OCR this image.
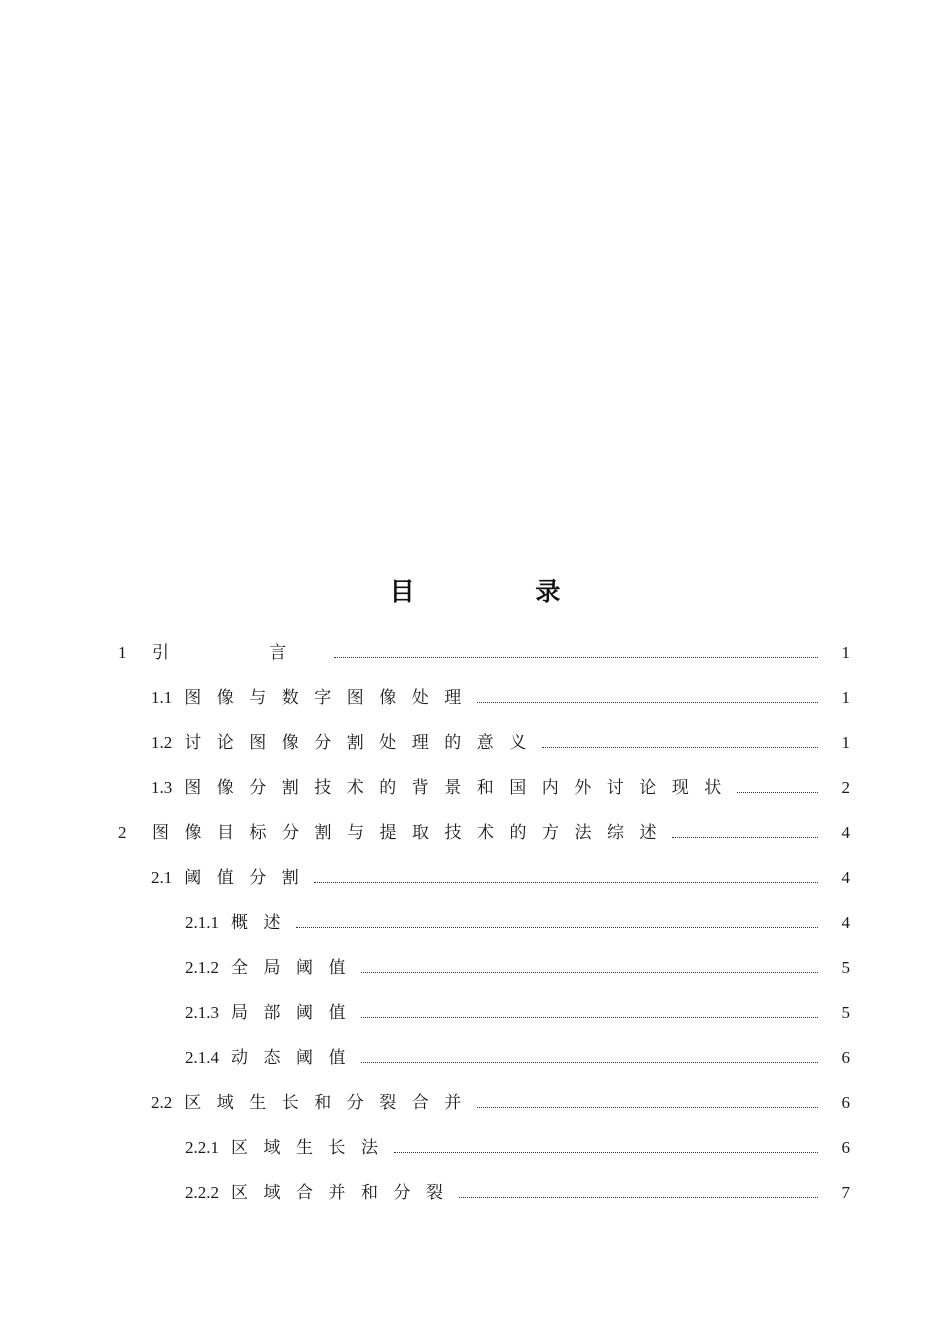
目 录
1	引 言	1
1.1 图像与数字图像处理	1
1.2 讨论图像分割处理的意义	1
1.3 图像分割技术的背景和国内外讨论现状	2
2	图像目标分割与提取技术的方法综述	4
2.1 阈值分割	4
2.1.1 概述	4
2.1.2 全局阈值	5
2.1.3 局部阈值	5
2.1.4 动态阈值	6
2.2 区域生长和分裂合并	6
2.2.1 区域生长法	6
2.2.2 区域合并和分裂	7
